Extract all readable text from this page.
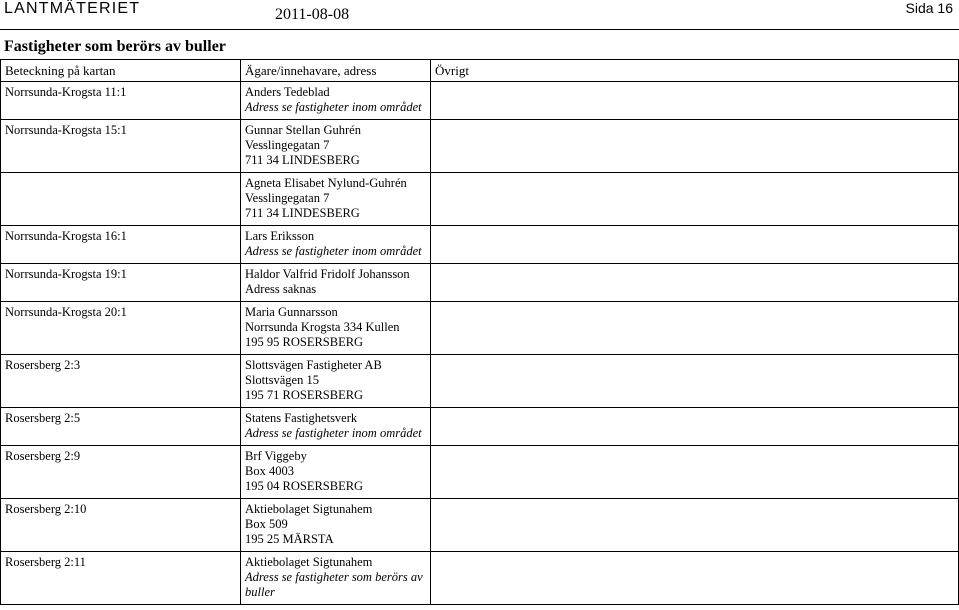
LANTMÄTERIET	2011-08-08	Sida 16
Fastigheter som berörs av buller
Beteckning på kartan	Ägare/innehavare, adress	Övrigt
Norrsunda-Krogsta 11:1	Anders Tedeblad
Adress se fastigheter inom området	

Norrsunda-Krogsta 15:1	Gunnar Stellan Guhrén
Vesslingegatan 7
711 34 LINDESBERG	

	Agneta Elisabet Nylund-Guhrén
Vesslingegatan 7
711 34 LINDESBERG	

Norrsunda-Krogsta 16:1	Lars Eriksson
Adress se fastigheter inom området	

Norrsunda-Krogsta 19:1	Haldor Valfrid Fridolf Johansson
Adress saknas	

Norrsunda-Krogsta 20:1	Maria Gunnarsson
Norrsunda Krogsta 334 Kullen
195 95 ROSERSBERG	

Rosersberg 2:3	Slottsvägen Fastigheter AB
Slottsvägen 15
195 71 ROSERSBERG	

Rosersberg 2:5	Statens Fastighetsverk
Adress se fastigheter inom området	

Rosersberg 2:9	Brf Viggeby
Box 4003
195 04 ROSERSBERG	

Rosersberg 2:10	Aktiebolaget Sigtunahem
Box 509
195 25 MÄRSTA	

Rosersberg 2:11	Aktiebolaget Sigtunahem
Adress se fastigheter som berörs av buller	
